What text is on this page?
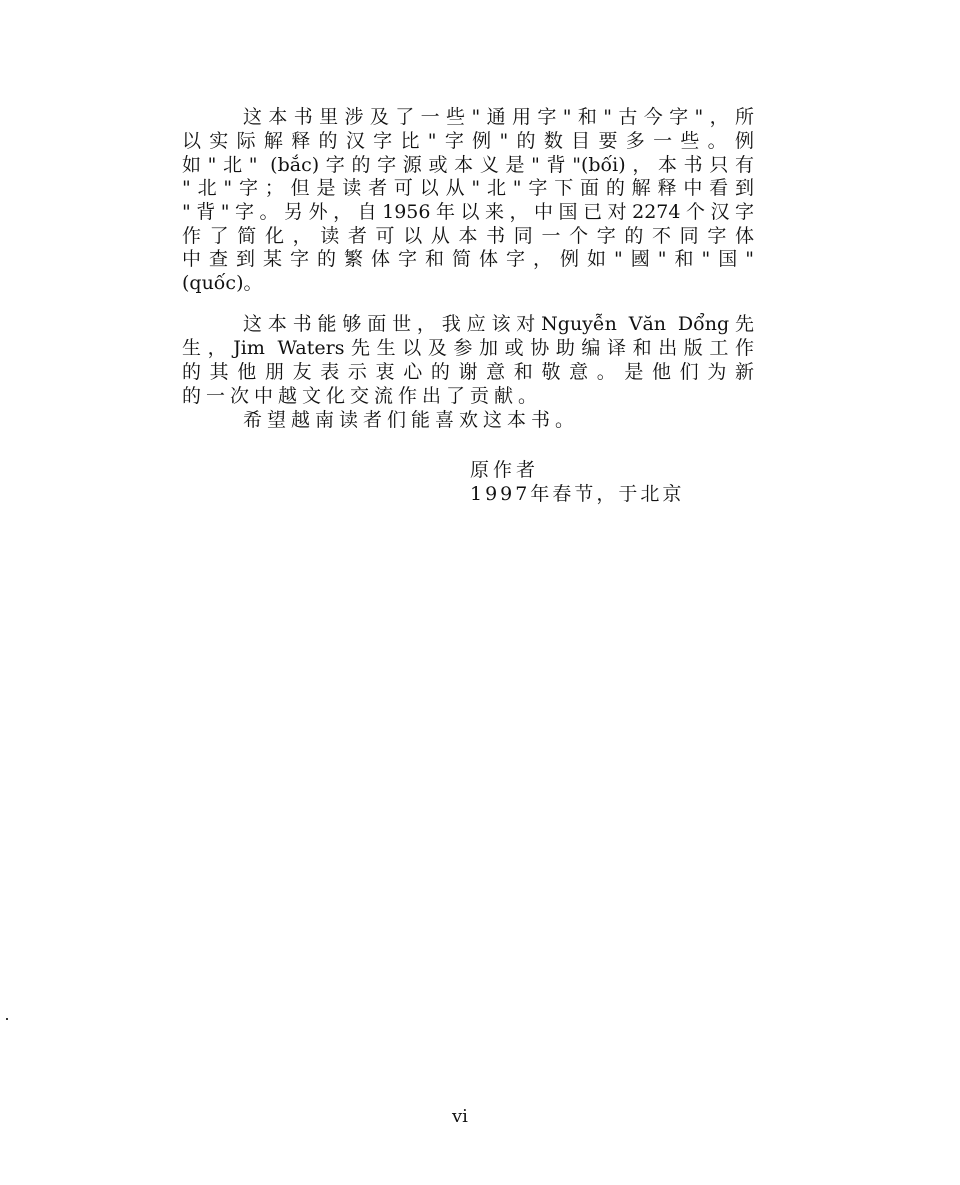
这本书里涉及了一些"通用字"和"古今字"，所
以实际解释的汉字比"字例"的数目要多一些。例
如"北" (bắc)字的字源或本义是"背"(bối)，本书只有
"北"字；但是读者可以从"北"字下面的解释中看到
"背"字。另外，自1956年以来，中国已对2274个汉字
作了简化，读者可以从本书同一个字的不同字体
中查到某字的繁体字和简体字，例如"國"和"国"
(quốc)。
这本书能够面世，我应该对Nguyễn Văn Dổng先
生，Jim Waters先生以及参加或协助编译和出版工作
的其他朋友表示衷心的谢意和敬意。是他们为新
的一次中越文化交流作出了贡献。
希望越南读者们能喜欢这本书。
原作者
1997年春节，于北京
vi
